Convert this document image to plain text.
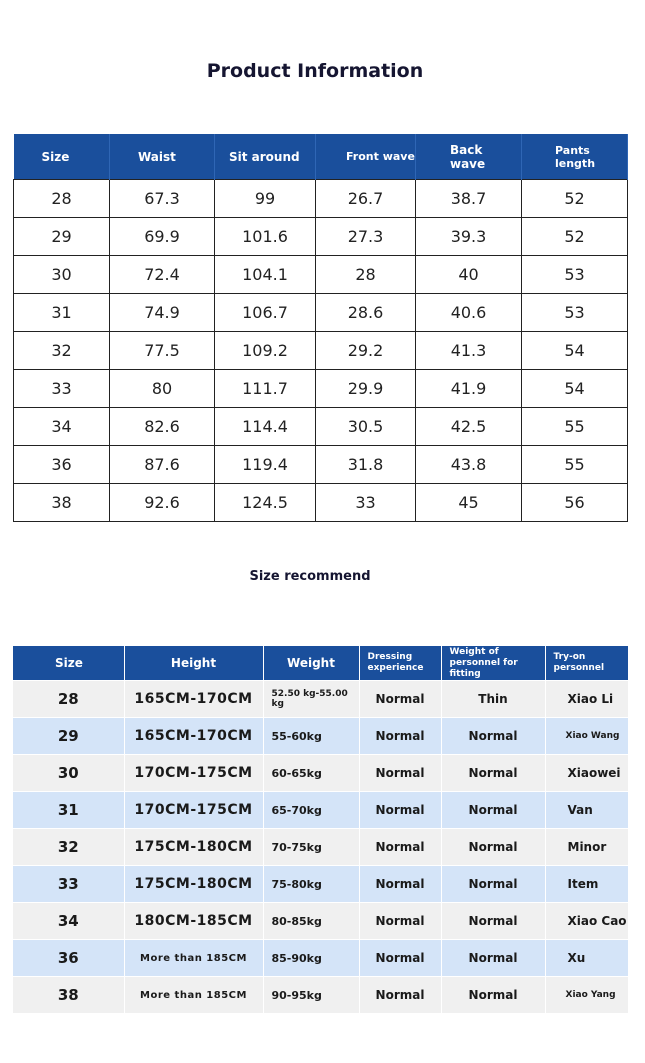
Product Information
Size	Waist	Sit around	Front wave	Back wave	Pants length
28	67.3	99	26.7	38.7	52
29	69.9	101.6	27.3	39.3	52
30	72.4	104.1	28	40	53
31	74.9	106.7	28.6	40.6	53
32	77.5	109.2	29.2	41.3	54
33	80	111.7	29.9	41.9	54
34	82.6	114.4	30.5	42.5	55
36	87.6	119.4	31.8	43.8	55
38	92.6	124.5	33	45	56
Size recommend
Size	Height	Weight	Dressing experience	Weight of personnel for fitting	Try-on personnel
28	165CM-170CM	52.50 kg-55.00 kg	Normal	Thin	Xiao Li
29	165CM-170CM	55-60kg	Normal	Normal	Xiao Wang
30	170CM-175CM	60-65kg	Normal	Normal	Xiaowei
31	170CM-175CM	65-70kg	Normal	Normal	Van
32	175CM-180CM	70-75kg	Normal	Normal	Minor
33	175CM-180CM	75-80kg	Normal	Normal	Item
34	180CM-185CM	80-85kg	Normal	Normal	Xiao Cao
36	More than 185CM	85-90kg	Normal	Normal	Xu
38	More than 185CM	90-95kg	Normal	Normal	Xiao Yang
